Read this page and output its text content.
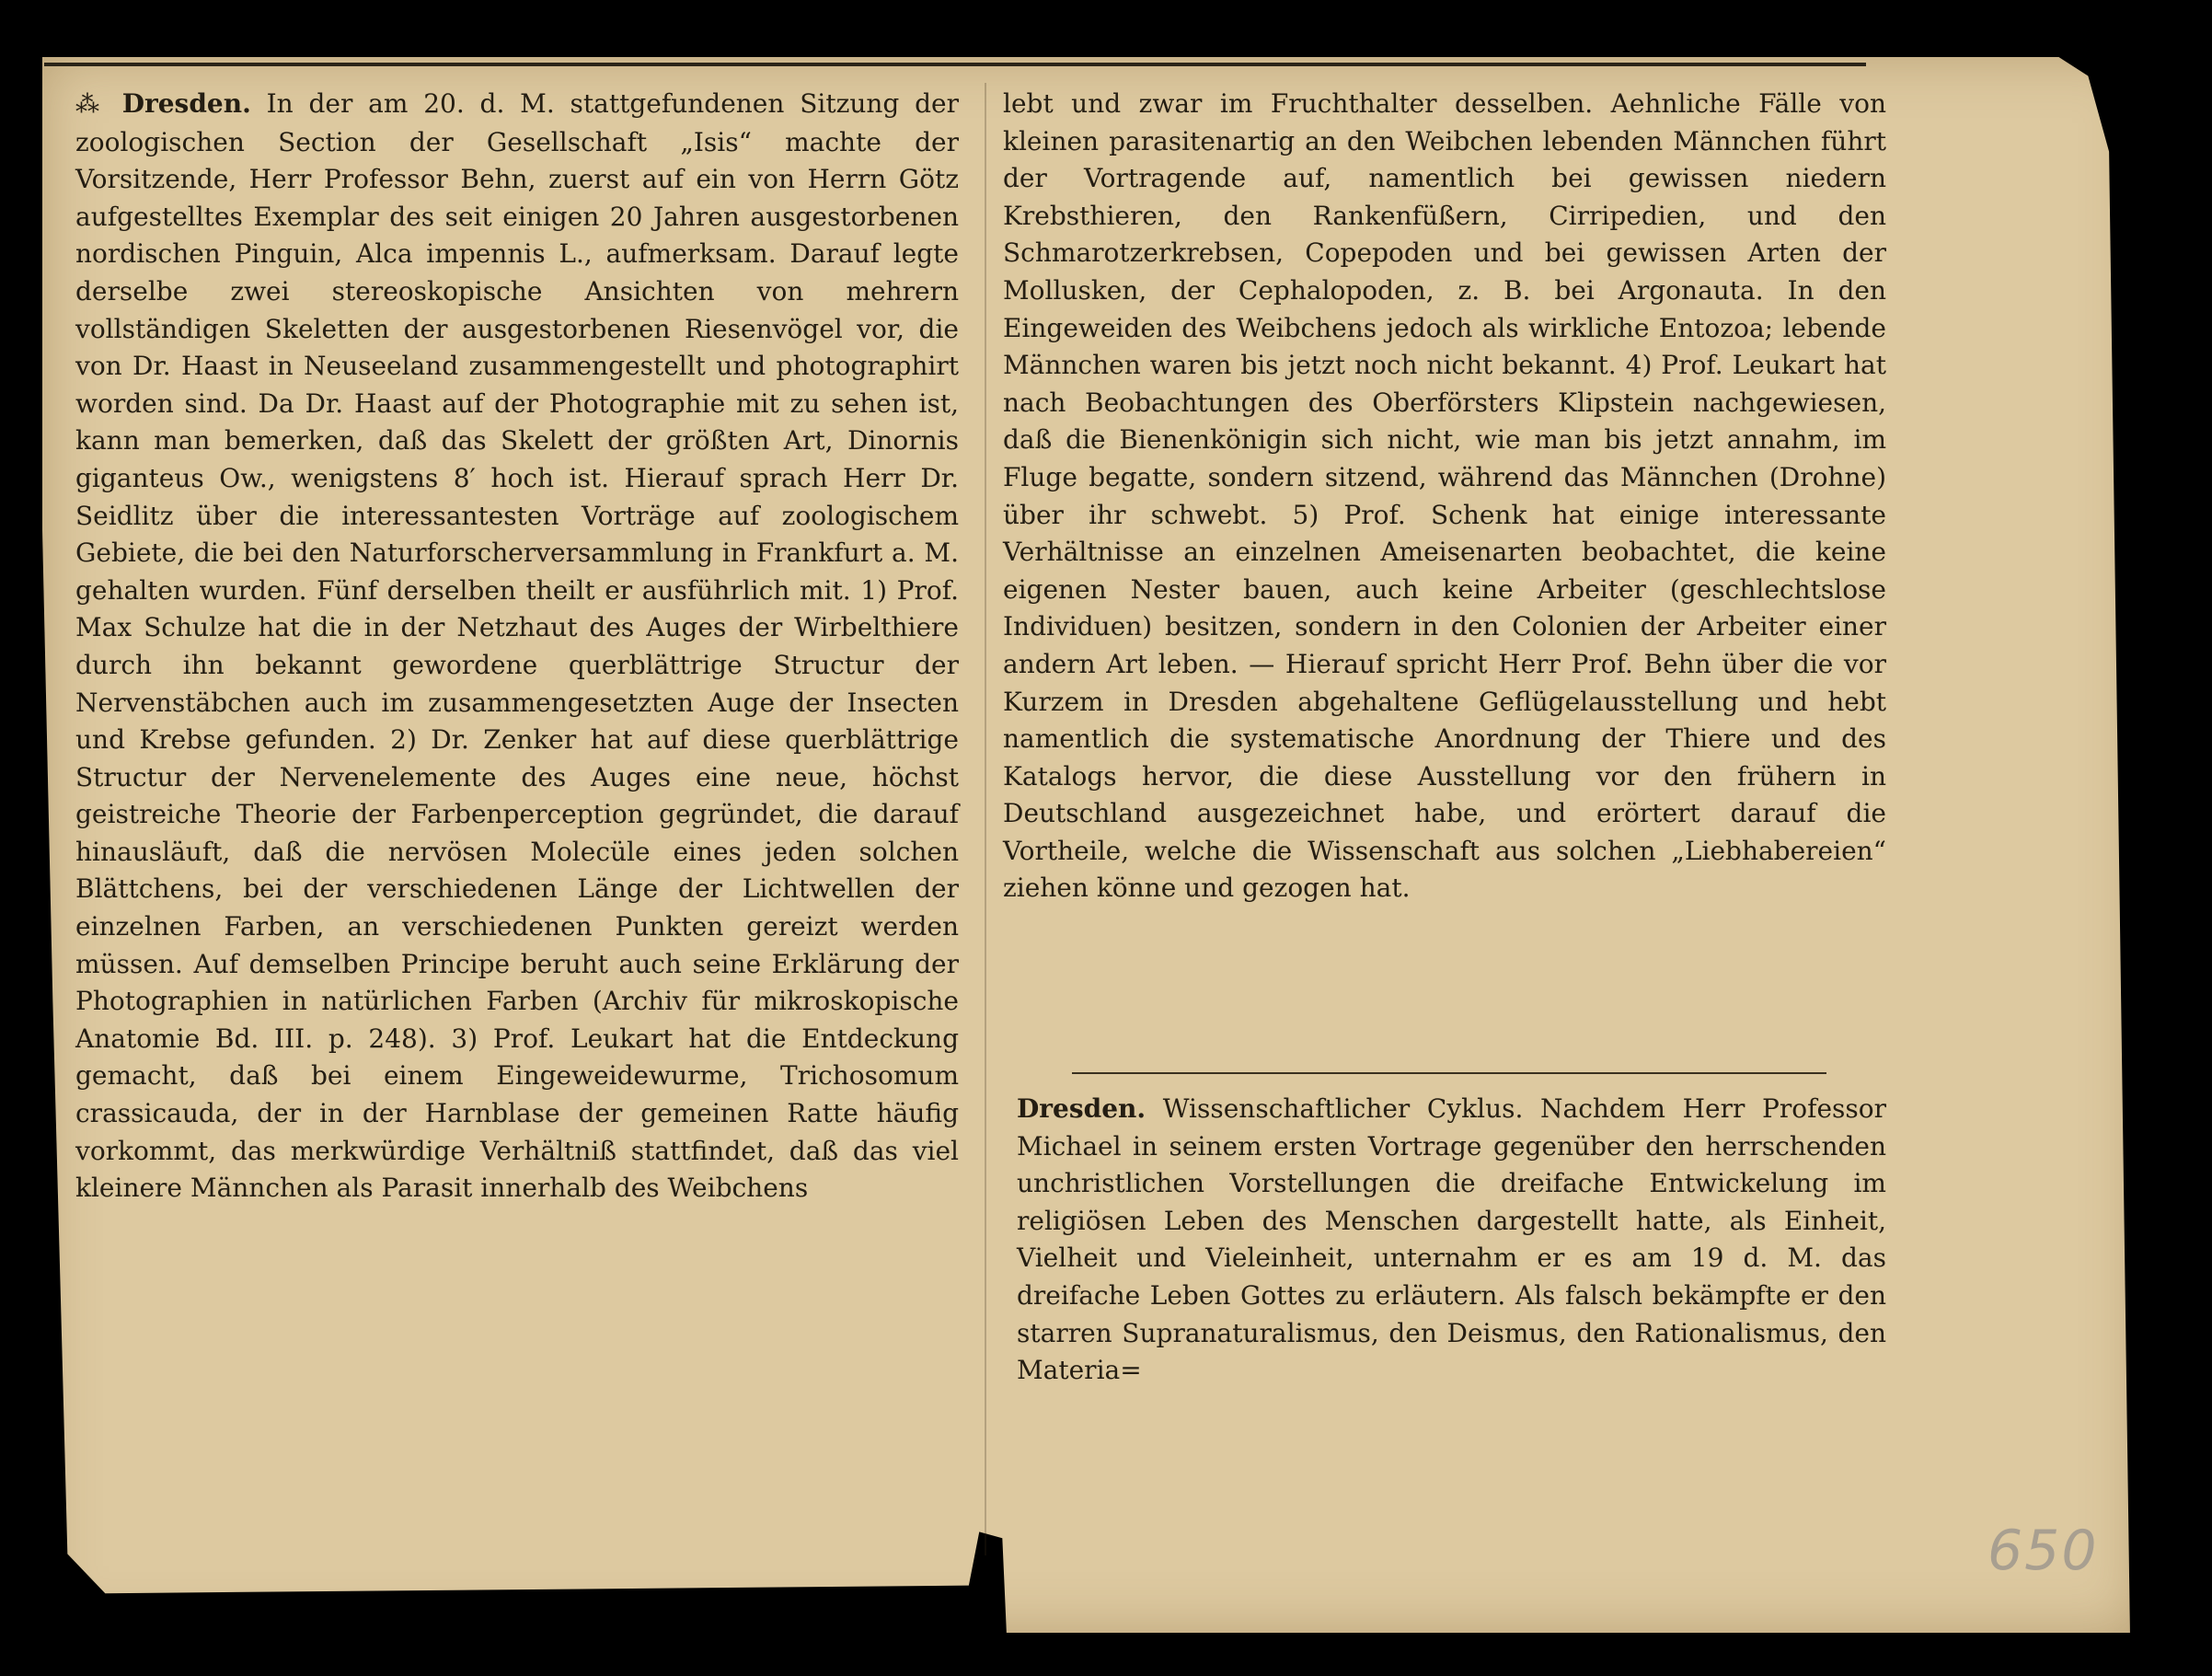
⁂ Dresden. In der am 20. d. M. stattgefundenen Sitzung der zoologischen Section der Gesellschaft „Isis“ machte der Vorsitzende, Herr Professor Behn, zuerst auf ein von Herrn Götz aufgestelltes Exemplar des seit einigen 20 Jahren ausgestorbenen nordischen Pinguin, Alca impennis L., aufmerksam. Darauf legte derselbe zwei stereoskopische Ansichten von mehrern vollständigen Skeletten der ausgestorbenen Riesenvögel vor, die von Dr. Haast in Neuseeland zusammengestellt und photographirt worden sind. Da Dr. Haast auf der Photographie mit zu sehen ist, kann man bemerken, daß das Skelett der größten Art, Dinornis giganteus Ow., wenigstens 8′ hoch ist. Hierauf sprach Herr Dr. Seidlitz über die interessantesten Vorträge auf zoologischem Gebiete, die bei den Naturforscherversammlung in Frankfurt a. M. gehalten wurden. Fünf derselben theilt er ausführlich mit. 1) Prof. Max Schulze hat die in der Netzhaut des Auges der Wirbelthiere durch ihn bekannt gewordene querblättrige Structur der Nervenstäbchen auch im zusammengesetzten Auge der Insecten und Krebse gefunden. 2) Dr. Zenker hat auf diese querblättrige Structur der Nervenelemente des Auges eine neue, höchst geistreiche Theorie der Farbenperception gegründet, die darauf hinausläuft, daß die nervösen Molecüle eines jeden solchen Blättchens, bei der verschiedenen Länge der Lichtwellen der einzelnen Farben, an verschiedenen Punkten gereizt werden müssen. Auf demselben Principe beruht auch seine Erklärung der Photographien in natürlichen Farben (Archiv für mikroskopische Anatomie Bd. III. p. 248). 3) Prof. Leukart hat die Entdeckung gemacht, daß bei einem Eingeweidewurme, Trichosomum crassicauda, der in der Harnblase der gemeinen Ratte häufig vorkommt, das merkwürdige Verhältniß stattfindet, daß das viel kleinere Männchen als Parasit innerhalb des Weibchens

lebt und zwar im Fruchthalter desselben. Aehnliche Fälle von kleinen parasitenartig an den Weibchen lebenden Männchen führt der Vortragende auf, namentlich bei gewissen niedern Krebsthieren, den Rankenfüßern, Cirripedien, und den Schmarotzerkrebsen, Copepoden und bei gewissen Arten der Mollusken, der Cephalopoden, z. B. bei Argonauta. In den Eingeweiden des Weibchens jedoch als wirkliche Entozoa; lebende Männchen waren bis jetzt noch nicht bekannt. 4) Prof. Leukart hat nach Beobachtungen des Oberförsters Klipstein nachgewiesen, daß die Bienenkönigin sich nicht, wie man bis jetzt annahm, im Fluge begatte, sondern sitzend, während das Männchen (Drohne) über ihr schwebt. 5) Prof. Schenk hat einige interessante Verhältnisse an einzelnen Ameisenarten beobachtet, die keine eigenen Nester bauen, auch keine Arbeiter (geschlechtslose Individuen) besitzen, sondern in den Colonien der Arbeiter einer andern Art leben. — Hierauf spricht Herr Prof. Behn über die vor Kurzem in Dresden abgehaltene Geflügelausstellung und hebt namentlich die systematische Anordnung der Thiere und des Katalogs hervor, die diese Ausstellung vor den frühern in Deutschland ausgezeichnet habe, und erörtert darauf die Vortheile, welche die Wissenschaft aus solchen „Liebhabereien“ ziehen könne und gezogen hat.

Dresden. Wissenschaftlicher Cyklus. Nachdem Herr Professor Michael in seinem ersten Vortrage gegenüber den herrschenden unchristlichen Vorstellungen die dreifache Entwickelung im religiösen Leben des Menschen dargestellt hatte, als Einheit, Vielheit und Vieleinheit, unternahm er es am 19 d. M. das dreifache Leben Gottes zu erläutern. Als falsch bekämpfte er den starren Supranaturalismus, den Deismus, den Rationalismus, den Materia=

650
